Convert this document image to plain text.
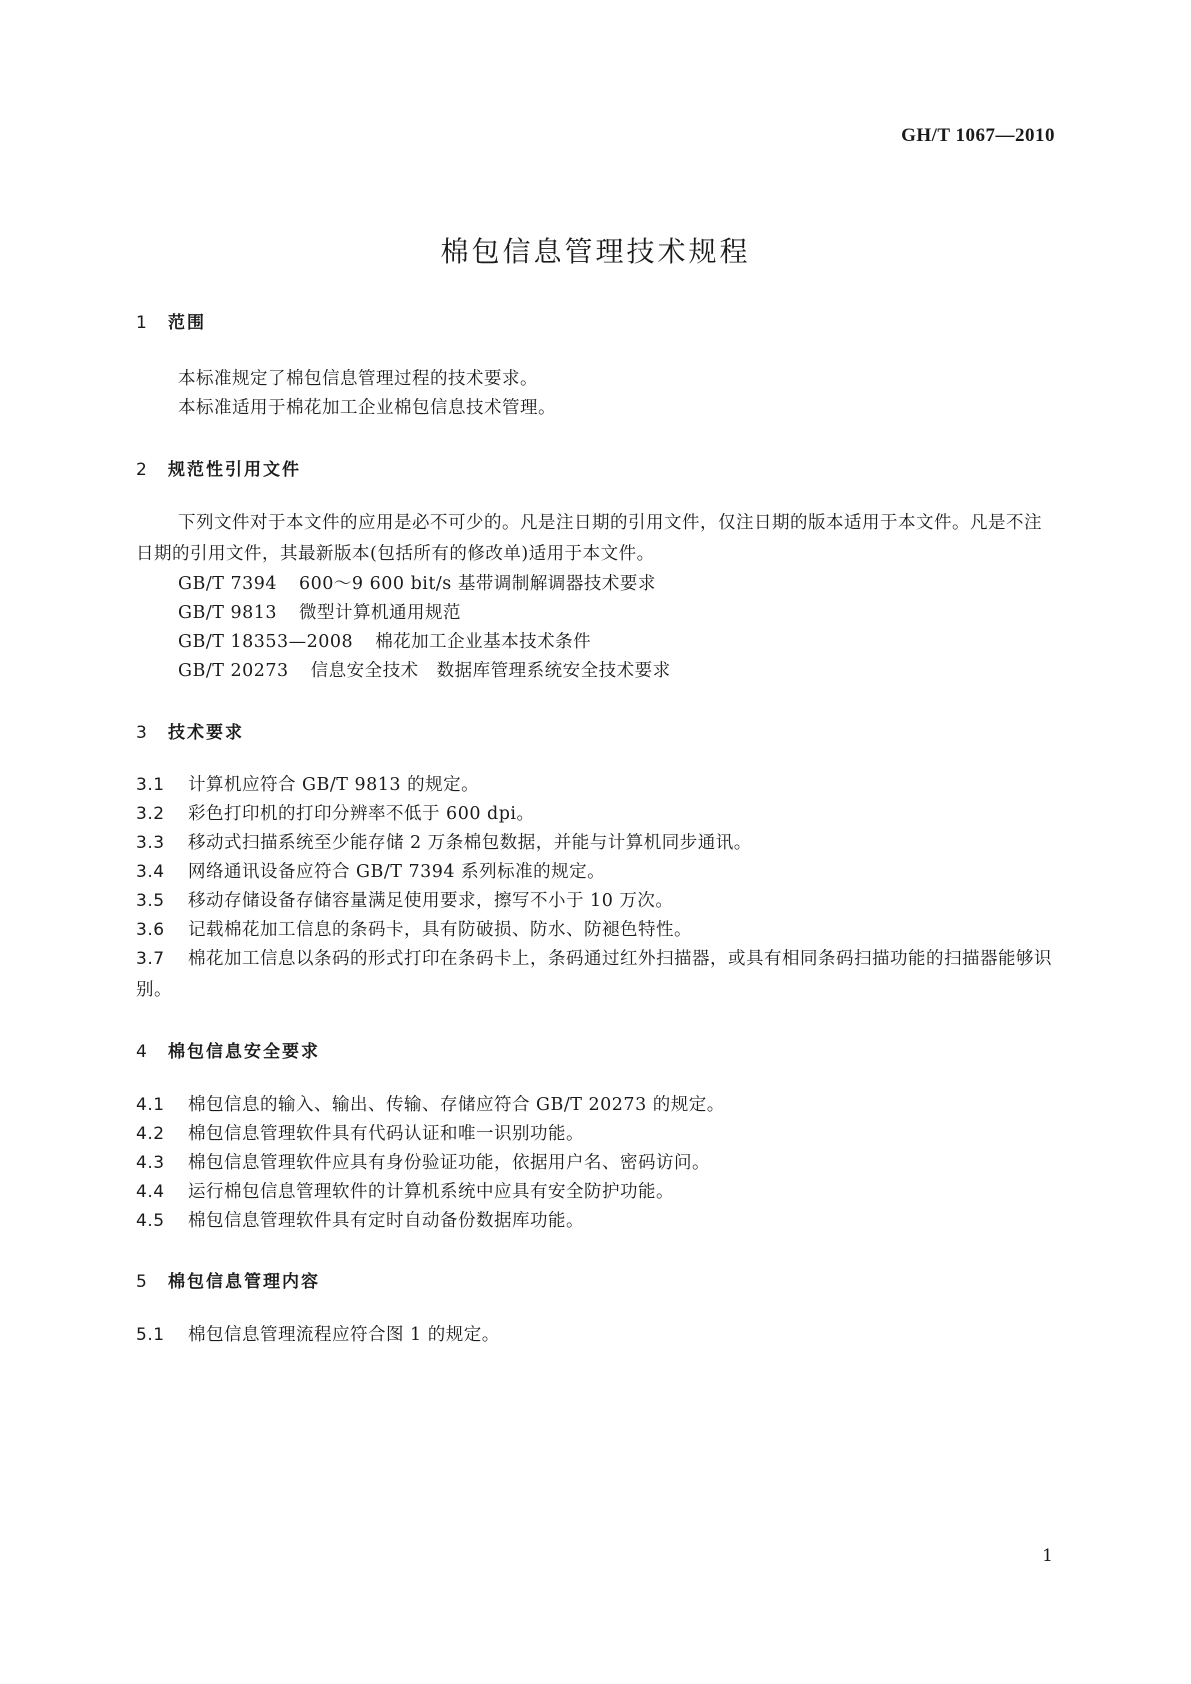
GH/T 1067—2010
棉包信息管理技术规程
1 范围
本标准规定了棉包信息管理过程的技术要求。
本标准适用于棉花加工企业棉包信息技术管理。
2 规范性引用文件
下列文件对于本文件的应用是必不可少的。凡是注日期的引用文件，仅注日期的版本适用于本文件。凡是不注日期的引用文件，其最新版本(包括所有的修改单)适用于本文件。
GB/T 7394 600～9 600 bit/s 基带调制解调器技术要求
GB/T 9813 微型计算机通用规范
GB/T 18353—2008 棉花加工企业基本技术条件
GB/T 20273 信息安全技术　数据库管理系统安全技术要求
3 技术要求
3.1 计算机应符合 GB/T 9813 的规定。
3.2 彩色打印机的打印分辨率不低于 600 dpi。
3.3 移动式扫描系统至少能存储 2 万条棉包数据，并能与计算机同步通讯。
3.4 网络通讯设备应符合 GB/T 7394 系列标准的规定。
3.5 移动存储设备存储容量满足使用要求，擦写不小于 10 万次。
3.6 记载棉花加工信息的条码卡，具有防破损、防水、防褪色特性。
3.7 棉花加工信息以条码的形式打印在条码卡上，条码通过红外扫描器，或具有相同条码扫描功能的扫描器能够识别。
4 棉包信息安全要求
4.1 棉包信息的输入、输出、传输、存储应符合 GB/T 20273 的规定。
4.2 棉包信息管理软件具有代码认证和唯一识别功能。
4.3 棉包信息管理软件应具有身份验证功能，依据用户名、密码访问。
4.4 运行棉包信息管理软件的计算机系统中应具有安全防护功能。
4.5 棉包信息管理软件具有定时自动备份数据库功能。
5 棉包信息管理内容
5.1 棉包信息管理流程应符合图 1 的规定。
1
